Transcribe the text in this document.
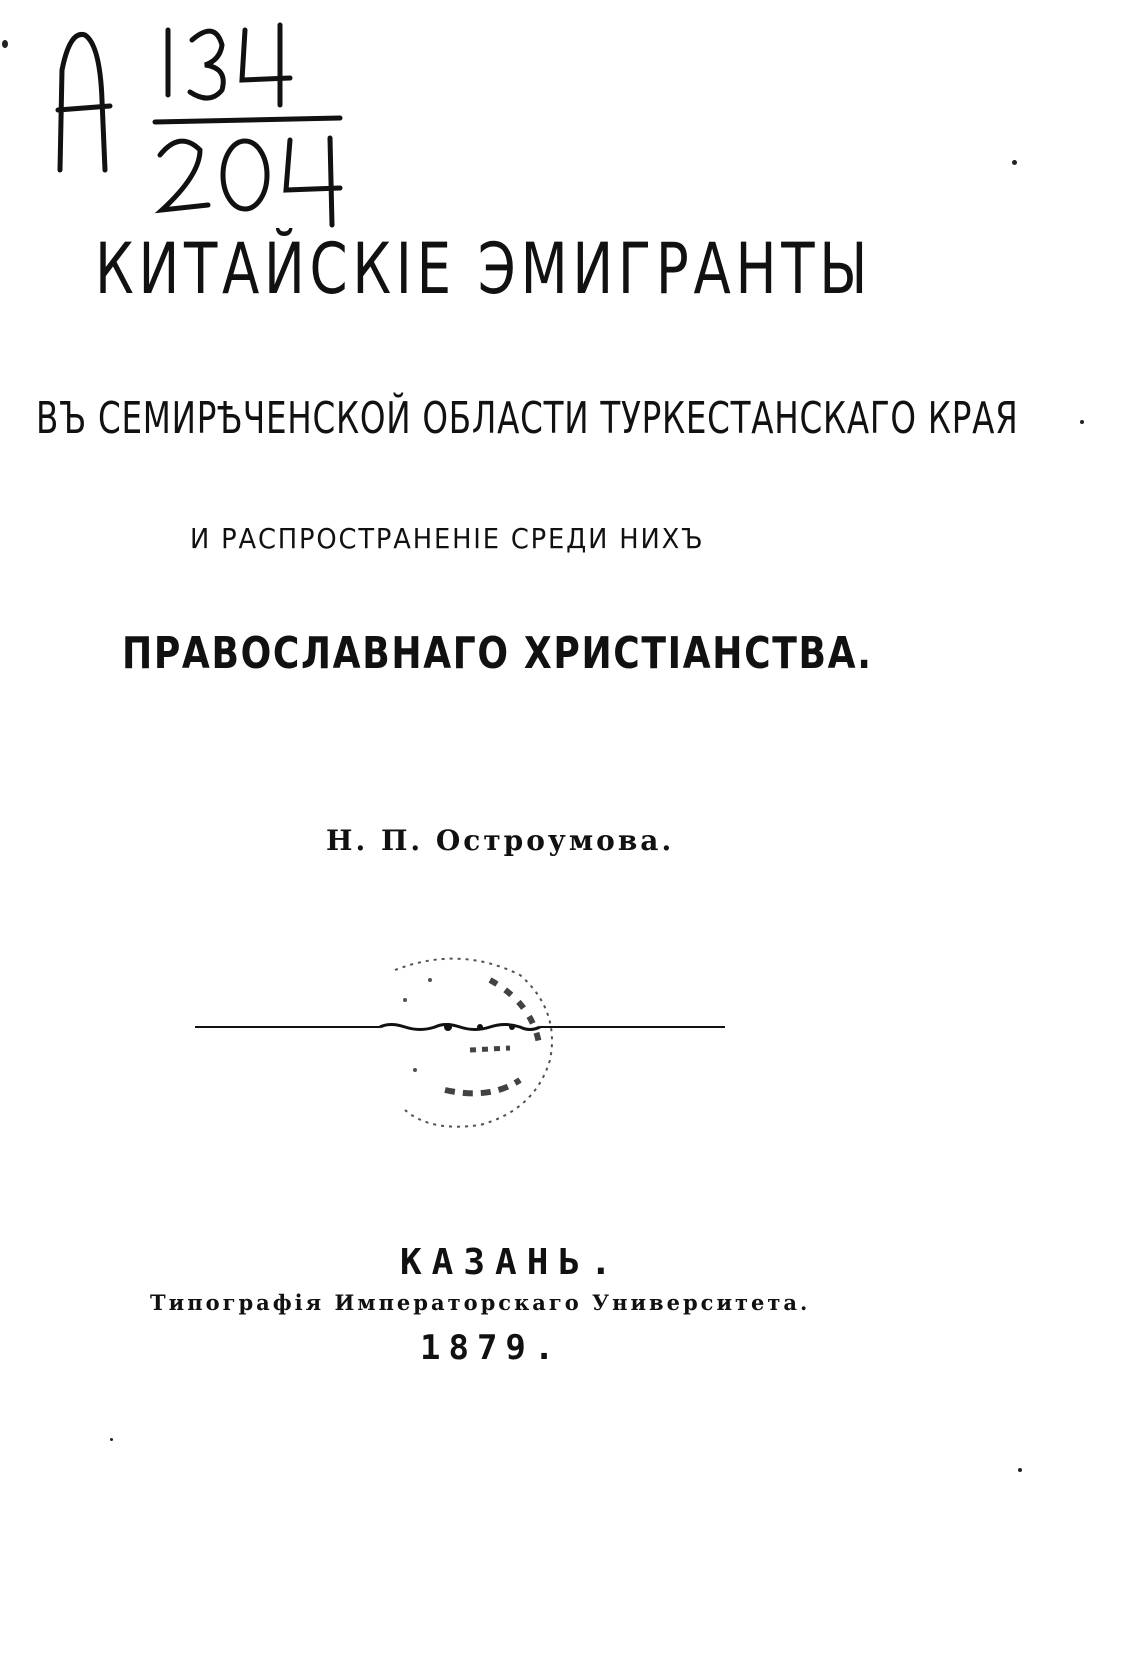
КИТАЙСКІЕ ЭМИГРАНТЫ
ВЪ СЕМИРѢЧЕНСКОЙ ОБЛАСТИ ТУРКЕСТАНСКАГО КРАЯ
И РАСПРОСТРАНЕНІЕ СРЕДИ НИХЪ
ПРАВОСЛАВНАГО ХРИСТІАНСТВА.
Н. П. Остроумова.
КАЗАНЬ.
Типографія Императорскаго Университета.
1879.
